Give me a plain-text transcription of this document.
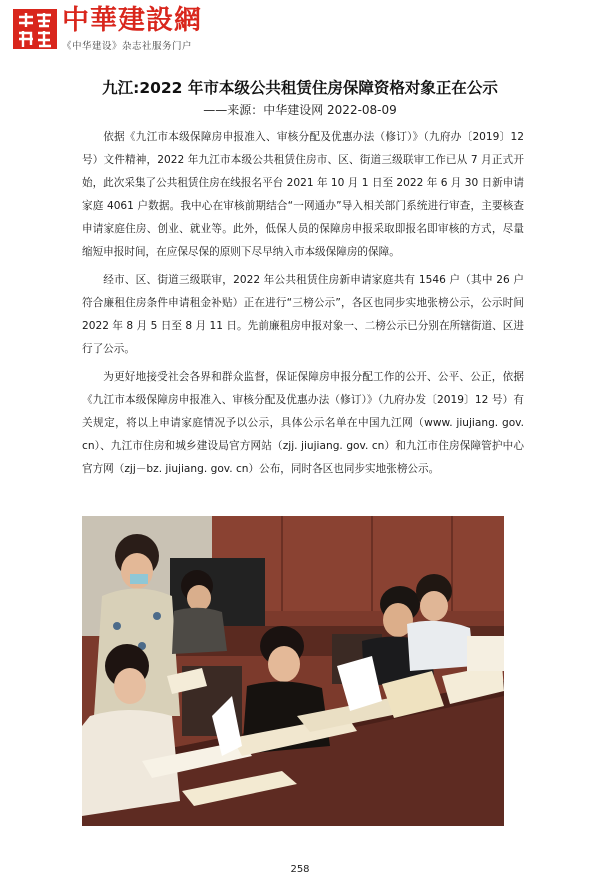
中華建設網
《中华建设》杂志社服务门户
九江:2022 年市本级公共租赁住房保障资格对象正在公示
——来源：中华建设网 2022-08-09

依据《九江市本级保障房申报准入、审核分配及优惠办法（修订）》（九府办〔2019〕12 号）文件精神，2022 年九江市本级公共租赁住房市、区、街道三级联审工作已从 7 月正式开始，此次采集了公共租赁住房在线报名平台 2021 年 10 月 1 日至 2022 年 6 月 30 日新申请家庭 4061 户数据。我中心在审核前期结合“一网通办”导入相关部门系统进行审查，主要核查申请家庭住房、创业、就业等。此外，低保人员的保障房申报采取即报名即审核的方式，尽量缩短申报时间，在应保尽保的原则下尽早纳入市本级保障房的保障。

经市、区、街道三级联审，2022 年公共租赁住房新申请家庭共有 1546 户（其中 26 户符合廉租住房条件申请租金补贴）正在进行“三榜公示”，各区也同步实地张榜公示，公示时间 2022 年 8 月 5 日至 8 月 11 日。先前廉租房申报对象一、二榜公示已分别在所辖街道、区进行了公示。

为更好地接受社会各界和群众监督，保证保障房申报分配工作的公开、公平、公正，依据《九江市本级保障房申报准入、审核分配及优惠办法（修订）》（九府办发〔2019〕12 号）有关规定，将以上申请家庭情况予以公示，具体公示名单在中国九江网（www. jiujiang. gov. cn）、九江市住房和城乡建设局官方网站（zjj. jiujiang. gov. cn）和九江市住房保障管护中心官方网（zjj－bz. jiujiang. gov. cn）公布，同时各区也同步实地张榜公示。

258
